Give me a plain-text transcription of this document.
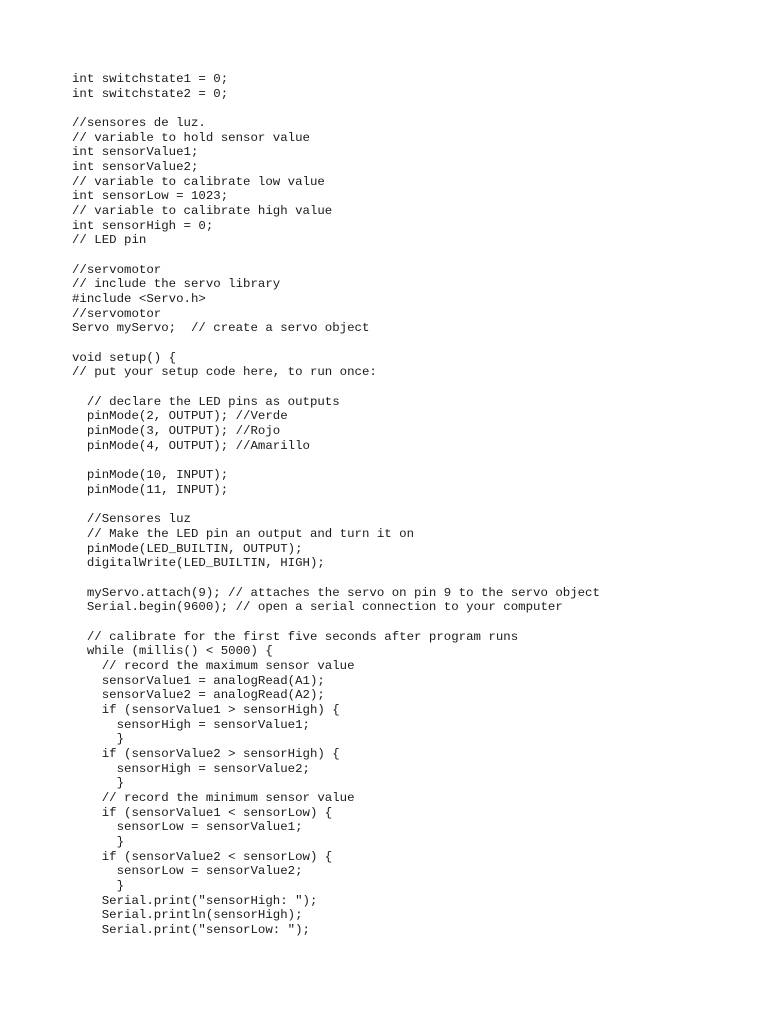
int switchstate1 = 0;
int switchstate2 = 0;

//sensores de luz.
// variable to hold sensor value
int sensorValue1;
int sensorValue2;
// variable to calibrate low value
int sensorLow = 1023;
// variable to calibrate high value
int sensorHigh = 0;
// LED pin

//servomotor
// include the servo library
#include <Servo.h>
//servomotor
Servo myServo;  // create a servo object

void setup() {
// put your setup code here, to run once:

// declare the LED pins as outputs
pinMode(2, OUTPUT); //Verde
pinMode(3, OUTPUT); //Rojo
pinMode(4, OUTPUT); //Amarillo

pinMode(10, INPUT);
pinMode(11, INPUT);

//Sensores luz
// Make the LED pin an output and turn it on
pinMode(LED_BUILTIN, OUTPUT);
digitalWrite(LED_BUILTIN, HIGH);

myServo.attach(9); // attaches the servo on pin 9 to the servo object
Serial.begin(9600); // open a serial connection to your computer

// calibrate for the first five seconds after program runs
while (millis() < 5000) {
// record the maximum sensor value
sensorValue1 = analogRead(A1);
sensorValue2 = analogRead(A2);
if (sensorValue1 > sensorHigh) {
sensorHigh = sensorValue1;
}
if (sensorValue2 > sensorHigh) {
sensorHigh = sensorValue2;
}
// record the minimum sensor value
if (sensorValue1 < sensorLow) {
sensorLow = sensorValue1;
}
if (sensorValue2 < sensorLow) {
sensorLow = sensorValue2;
}
Serial.print("sensorHigh: ");
Serial.println(sensorHigh);
Serial.print("sensorLow: ");
